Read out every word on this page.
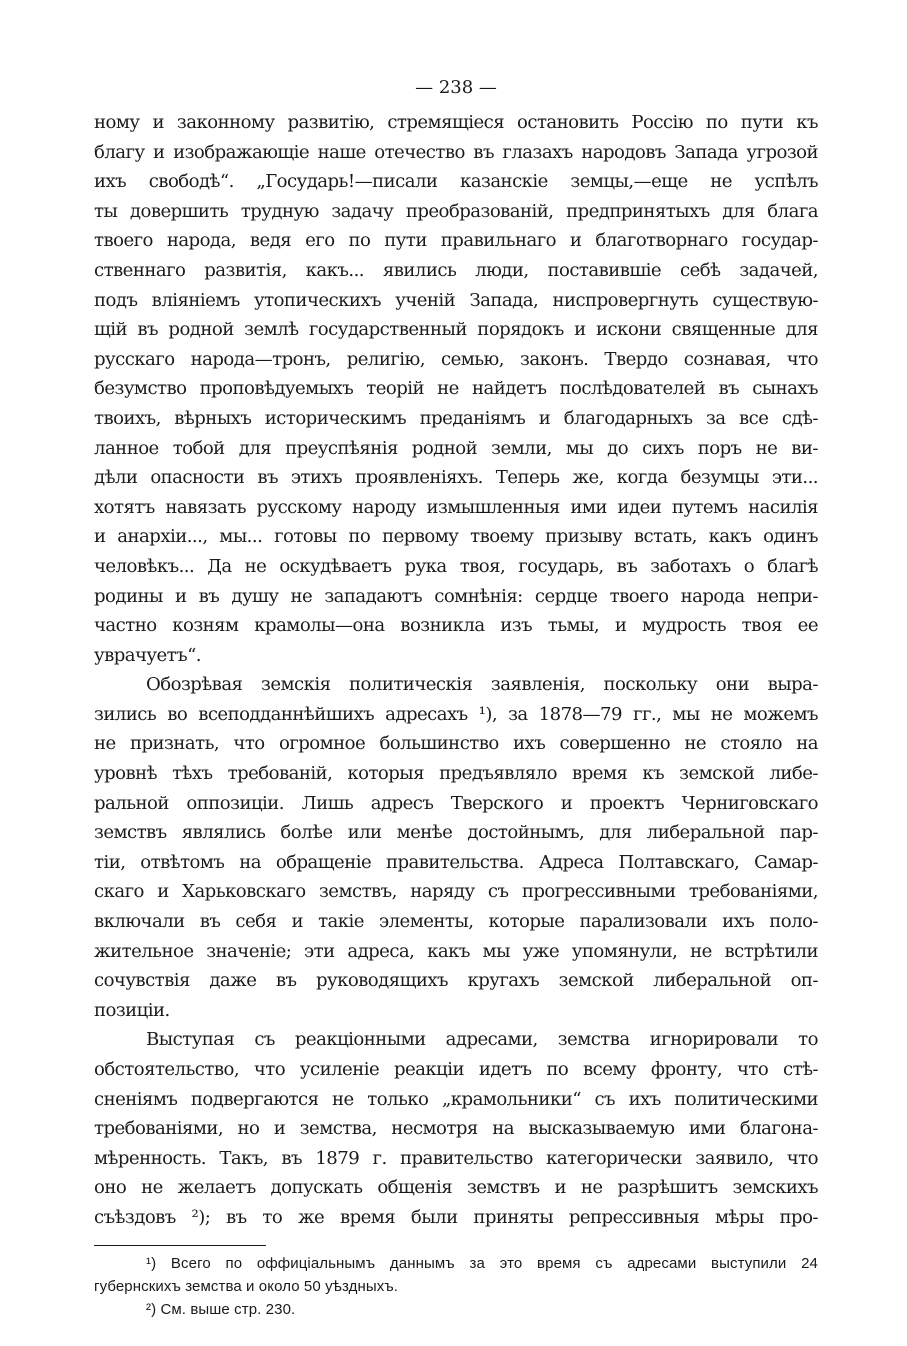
— 238 —
ному и законному развитію, стремящіеся остановить Россію по пути къ
благу и изображающіе наше отечество въ глазахъ народовъ Запада угрозой
ихъ свободѣ“. „Государь!—писали казанскіе земцы,—еще не успѣлъ
ты довершить трудную задачу преобразованій, предпринятыхъ для блага
твоего народа, ведя его по пути правильнаго и благотворнаго государ-
ственнаго развитія, какъ... явились люди, поставившіе себѣ задачей,
подъ вліяніемъ утопическихъ ученій Запада, ниспровергнуть существую-
щій въ родной землѣ государственный порядокъ и искони священные для
русскаго народа—тронъ, религію, семью, законъ. Твердо сознавая, что
безумство проповѣдуемыхъ теорій не найдетъ послѣдователей въ сынахъ
твоихъ, вѣрныхъ историческимъ преданіямъ и благодарныхъ за все сдѣ-
ланное тобой для преуспѣянія родной земли, мы до сихъ поръ не ви-
дѣли опасности въ этихъ проявленіяхъ. Теперь же, когда безумцы эти...
хотятъ навязать русскому народу измышленныя ими идеи путемъ насилія
и анархіи..., мы... готовы по первому твоему призыву встать, какъ одинъ
человѣкъ... Да не оскудѣваетъ рука твоя, государь, въ заботахъ о благѣ
родины и въ душу не западаютъ сомнѣнія: сердце твоего народа непри-
частно козням крамолы—она возникла изъ тьмы, и мудрость твоя ее
уврачуетъ“.
Обозрѣвая земскія политическія заявленія, поскольку они выра-
зились во всеподданнѣйшихъ адресахъ ¹), за 1878—79 гг., мы не можемъ
не признать, что огромное большинство ихъ совершенно не стояло на
уровнѣ тѣхъ требованій, которыя предъявляло время къ земской либе-
ральной оппозиціи. Лишь адресъ Тверского и проектъ Черниговскаго
земствъ являлись болѣе или менѣе достойнымъ, для либеральной пар-
тіи, отвѣтомъ на обращеніе правительства. Адреса Полтавскаго, Самар-
скаго и Харьковскаго земствъ, наряду съ прогрессивными требованіями,
включали въ себя и такіе элементы, которые парализовали ихъ поло-
жительное значеніе; эти адреса, какъ мы уже упомянули, не встрѣтили
сочувствія даже въ руководящихъ кругахъ земской либеральной оп-
позиціи.
Выступая съ реакціонными адресами, земства игнорировали то
обстоятельство, что усиленіе реакціи идетъ по всему фронту, что стѣ-
сненіямъ подвергаются не только „крамольники“ съ ихъ политическими
требованіями, но и земства, несмотря на высказываемую ими благона-
мѣренность. Такъ, въ 1879 г. правительство категорически заявило, что
оно не желаетъ допускать общенія земствъ и не разрѣшитъ земскихъ
съѣздовъ ²); въ то же время были приняты репрессивныя мѣры про-
¹) Всего по оффиціальнымъ даннымъ за это время съ адресами выступили 24
губернскихъ земства и около 50 уѣздныхъ.
²) См. выше стр. 230.
